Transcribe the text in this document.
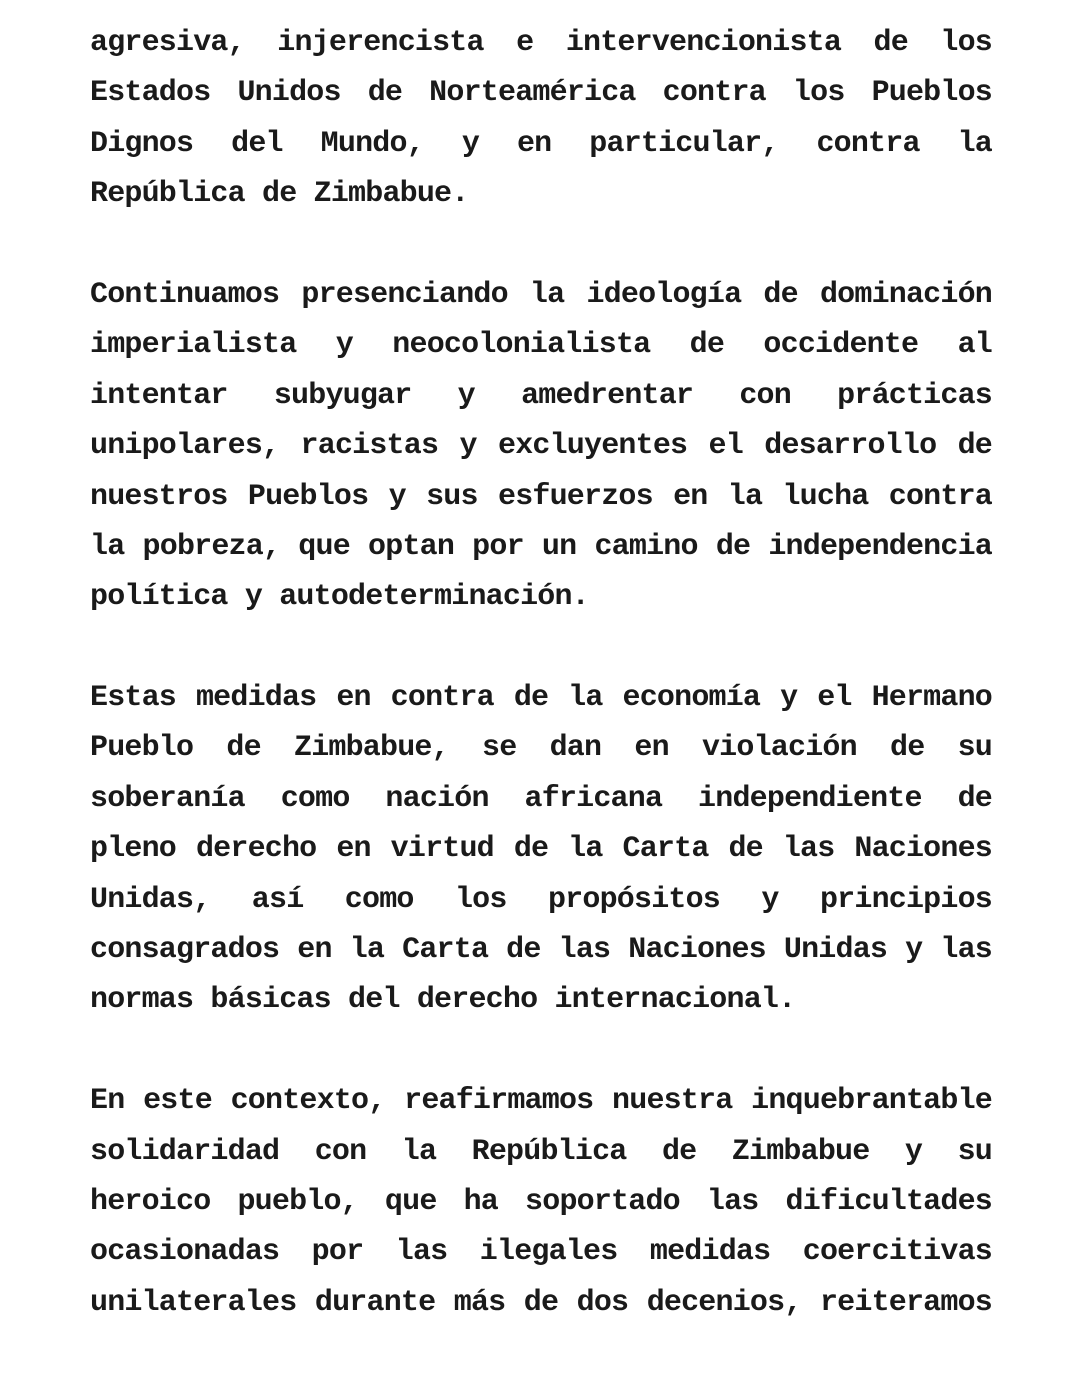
agresiva, injerencista e intervencionista de los
Estados Unidos de Norteamérica contra los Pueblos
Dignos del Mundo, y en particular, contra la
República de Zimbabue.
Continuamos presenciando la ideología de dominación
imperialista y neocolonialista de occidente al
intentar subyugar y amedrentar con prácticas
unipolares, racistas y excluyentes el desarrollo de
nuestros Pueblos y sus esfuerzos en la lucha contra
la pobreza, que optan por un camino de independencia
política y autodeterminación.
Estas medidas en contra de la economía y el Hermano
Pueblo de Zimbabue, se dan en violación de su
soberanía como nación africana independiente de
pleno derecho en virtud de la Carta de las Naciones
Unidas, así como los propósitos y principios
consagrados en la Carta de las Naciones Unidas y las
normas básicas del derecho internacional.
En este contexto, reafirmamos nuestra inquebrantable
solidaridad con la República de Zimbabue y su
heroico pueblo, que ha soportado las dificultades
ocasionadas por las ilegales medidas coercitivas
unilaterales durante más de dos decenios, reiteramos
